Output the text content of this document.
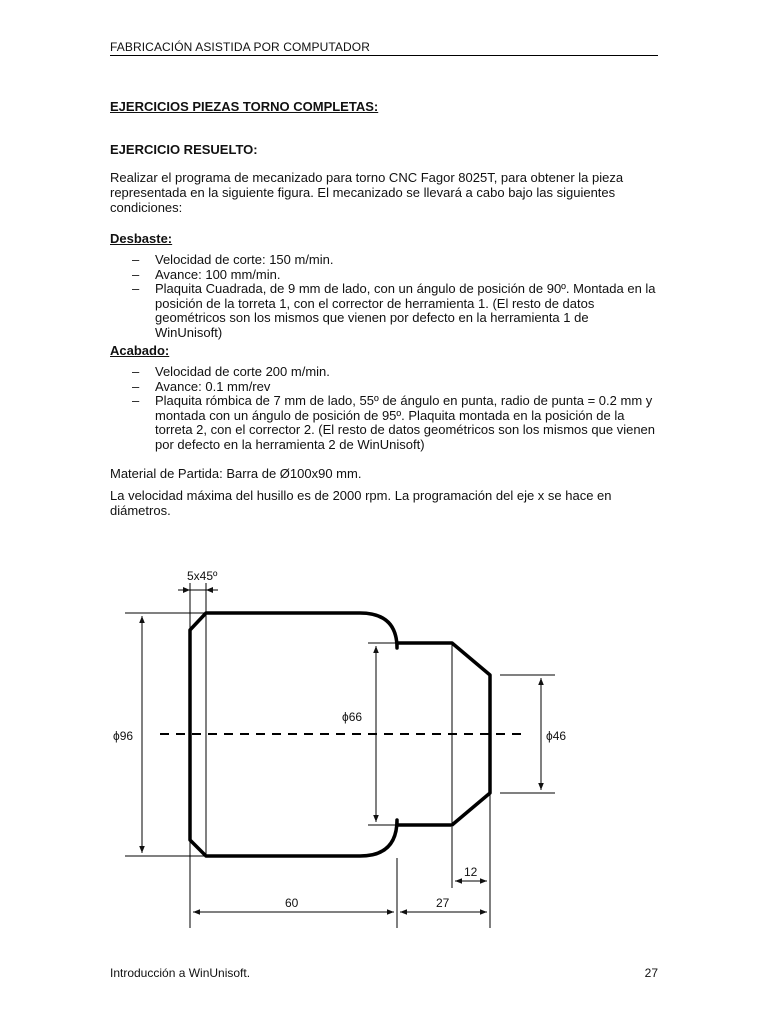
FABRICACIÓN ASISTIDA POR COMPUTADOR
EJERCICIOS PIEZAS TORNO COMPLETAS:
EJERCICIO RESUELTO:
Realizar el programa de mecanizado para torno CNC Fagor 8025T, para obtener la pieza representada en la siguiente figura. El mecanizado se llevará a cabo bajo las siguientes condiciones:
Desbaste:
– Velocidad de corte: 150 m/min.
– Avance: 100 mm/min.
– Plaquita Cuadrada, de 9 mm de lado, con un ángulo de posición de 90º. Montada en la posición de la torreta 1, con el corrector de herramienta 1. (El resto de datos geométricos son los mismos que vienen por defecto en la herramienta 1 de WinUnisoft)
Acabado:
– Velocidad de corte 200 m/min.
– Avance: 0.1 mm/rev
– Plaquita rómbica de 7 mm de lado, 55º de ángulo en punta, radio de punta = 0.2 mm y montada con un ángulo de posición de 95º. Plaquita montada en la posición de la torreta 2, con el corrector 2. (El resto de datos geométricos son los mismos que vienen por defecto en la herramienta 2 de WinUnisoft)
Material de Partida: Barra de Ø100x90 mm.
La velocidad máxima del husillo es de 2000 rpm. La programación del eje x se hace en diámetros.
ϕ96
ϕ66
ϕ46
5x45º
60	27
12
Introducción a WinUnisoft.	27
